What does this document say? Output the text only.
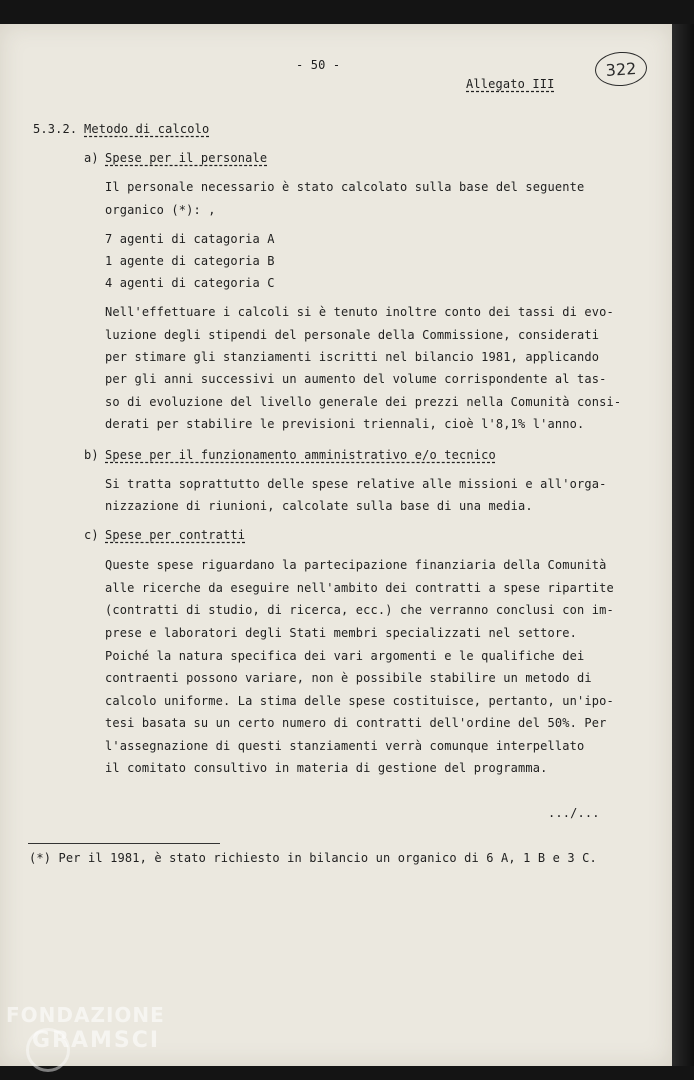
- 50 -

Allegato III

322

5.3.2. Metodo di calcolo

a) Spese per il personale

Il personale necessario è stato calcolato sulla base del seguente

organico (*): ,

7 agenti di catagoria A

1 agente di categoria B

4 agenti di categoria C

Nell'effettuare i calcoli si è tenuto inoltre conto dei tassi di evo-

luzione degli stipendi del personale della Commissione, considerati

per stimare gli stanziamenti iscritti nel bilancio 1981, applicando

per gli anni successivi un aumento del volume corrispondente al tas-

so di evoluzione del livello generale dei prezzi nella Comunità consi-

derati per stabilire le previsioni triennali, cioè l'8,1% l'anno.

b) Spese per il funzionamento amministrativo e/o tecnico

Si tratta soprattutto delle spese relative alle missioni e all'orga-

nizzazione di riunioni, calcolate sulla base di una media.

c) Spese per contratti

Queste spese riguardano la partecipazione finanziaria della Comunità

alle ricerche da eseguire nell'ambito dei contratti a spese ripartite

(contratti di studio, di ricerca, ecc.) che verranno conclusi con im-

prese e laboratori degli Stati membri specializzati nel settore.

Poiché la natura specifica dei vari argomenti e le qualifiche dei

contraenti possono variare, non è possibile stabilire un metodo di

calcolo uniforme. La stima delle spese costituisce, pertanto, un'ipo-

tesi basata su un certo numero di contratti dell'ordine del 50%. Per

l'assegnazione di questi stanziamenti verrà comunque interpellato

il comitato consultivo in materia di gestione del programma.

.../...

(*) Per il 1981, è stato richiesto in bilancio un organico di 6 A, 1 B e 3 C.

FONDAZIONE
GRAMSCI
